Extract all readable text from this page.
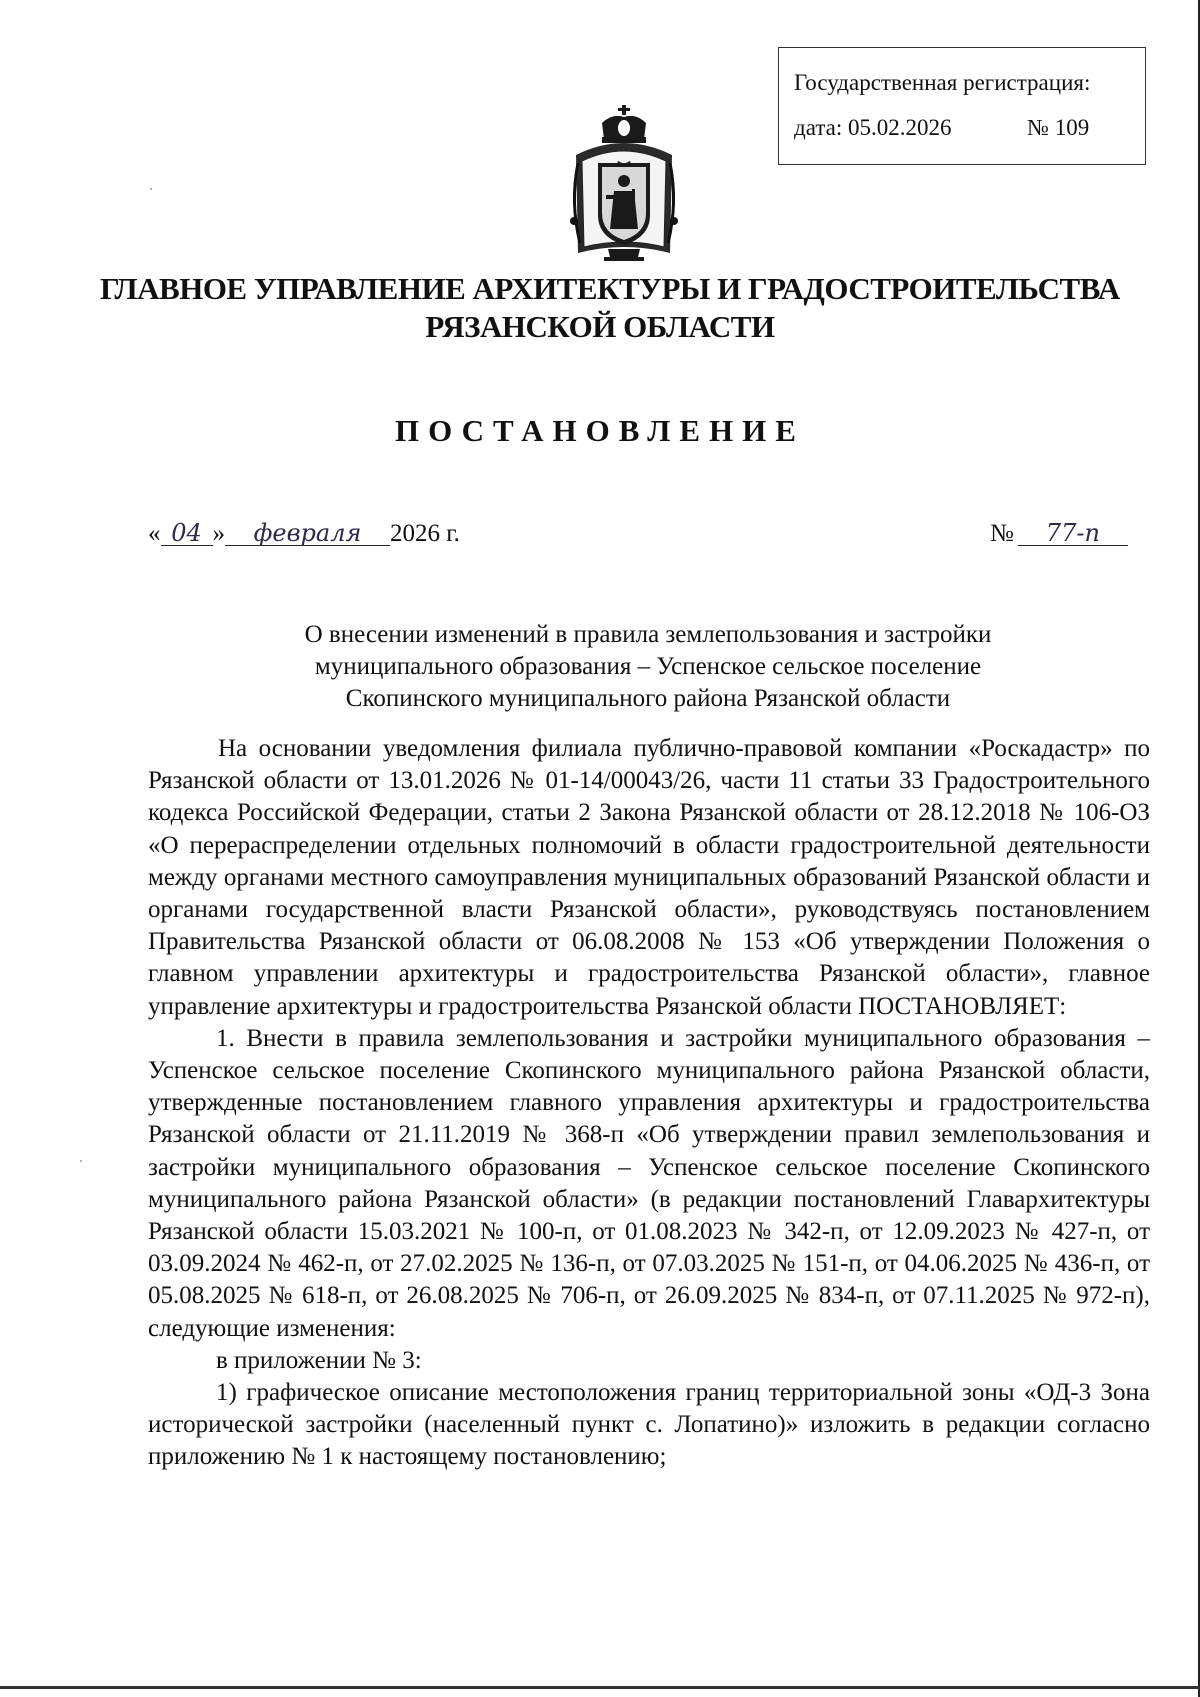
Государственная регистрация:
дата: 05.02.2026	№ 109
ГЛАВНОЕ УПРАВЛЕНИЕ АРХИТЕКТУРЫ И ГРАДОСТРОИТЕЛЬСТВА
РЯЗАНСКОЙ ОБЛАСТИ
ПОСТАНОВЛЕНИЕ
« 04 » февраля 2026 г.	№ 77-п
О внесении изменений в правила землепользования и застройки
муниципального образования – Успенское сельское поселение
Скопинского муниципального района Рязанской области

На основании уведомления филиала публично-правовой компании «Роскадастр» по Рязанской области от 13.01.2026 № 01-14/00043/26, части 11 статьи 33 Градостроительного кодекса Российской Федерации, статьи 2 Закона Рязанской области от 28.12.2018 № 106-ОЗ «О перераспределении отдельных полномочий в области градостроительной деятельности между органами местного самоуправления муниципальных образований Рязанской области и органами государственной власти Рязанской области», руководствуясь постановлением Правительства Рязанской области от 06.08.2008 № 153 «Об утверждении Положения о главном управлении архитектуры и градостроительства Рязанской области», главное управление архитектуры и градостроительства Рязанской области ПОСТАНОВЛЯЕТ:

1. Внести в правила землепользования и застройки муниципального образования – Успенское сельское поселение Скопинского муниципального района Рязанской области, утвержденные постановлением главного управления архитектуры и градостроительства Рязанской области от 21.11.2019 № 368-п «Об утверждении правил землепользования и застройки муниципального образования – Успенское сельское поселение Скопинского муниципального района Рязанской области» (в редакции постановлений Главархитектуры Рязанской области 15.03.2021 № 100-п, от 01.08.2023 № 342-п, от 12.09.2023 № 427-п, от 03.09.2024 № 462-п, от 27.02.2025 № 136-п, от 07.03.2025 № 151-п, от 04.06.2025 № 436-п, от 05.08.2025 № 618-п, от 26.08.2025 № 706-п, от 26.09.2025 № 834-п, от 07.11.2025 № 972-п), следующие изменения:

в приложении № 3:

1) графическое описание местоположения границ территориальной зоны «ОД-3 Зона исторической застройки (населенный пункт с. Лопатино)» изложить в редакции согласно приложению № 1 к настоящему постановлению;
